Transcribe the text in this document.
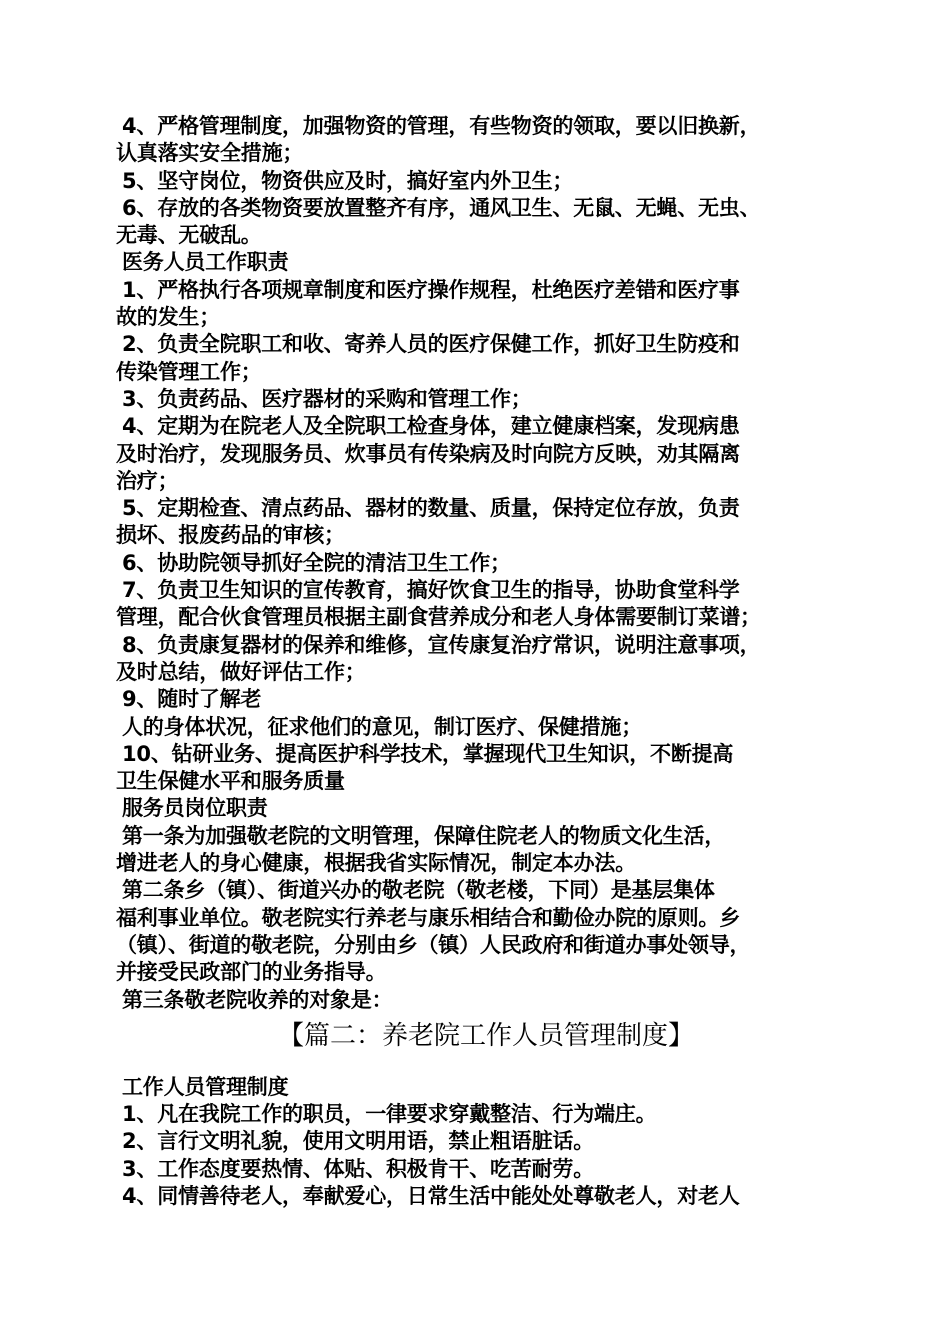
4、严格管理制度，加强物资的管理，有些物资的领取，要以旧换新，
认真落实安全措施；
5、坚守岗位，物资供应及时，搞好室内外卫生；
6、存放的各类物资要放置整齐有序，通风卫生、无鼠、无蝇、无虫、
无毒、无破乱。
医务人员工作职责
1、严格执行各项规章制度和医疗操作规程，杜绝医疗差错和医疗事
故的发生；
2、负责全院职工和收、寄养人员的医疗保健工作，抓好卫生防疫和
传染管理工作；
3、负责药品、医疗器材的采购和管理工作；
4、定期为在院老人及全院职工检查身体，建立健康档案，发现病患
及时治疗，发现服务员、炊事员有传染病及时向院方反映，劝其隔离
治疗；
5、定期检查、清点药品、器材的数量、质量，保持定位存放，负责
损坏、报废药品的审核；
6、协助院领导抓好全院的清洁卫生工作；
7、负责卫生知识的宣传教育，搞好饮食卫生的指导，协助食堂科学
管理，配合伙食管理员根据主副食营养成分和老人身体需要制订菜谱；
8、负责康复器材的保养和维修，宣传康复治疗常识，说明注意事项，
及时总结，做好评估工作；
9、随时了解老
人的身体状况，征求他们的意见，制订医疗、保健措施；
10、钻研业务、提高医护科学技术，掌握现代卫生知识，不断提高
卫生保健水平和服务质量
服务员岗位职责
第一条为加强敬老院的文明管理，保障住院老人的物质文化生活，
增进老人的身心健康，根据我省实际情况，制定本办法。
第二条乡（镇）、街道兴办的敬老院（敬老楼，下同）是基层集体
福利事业单位。敬老院实行养老与康乐相结合和勤俭办院的原则。乡
（镇）、街道的敬老院，分别由乡（镇）人民政府和街道办事处领导，
并接受民政部门的业务指导。
第三条敬老院收养的对象是：
【篇二：养老院工作人员管理制度】
工作人员管理制度
1、凡在我院工作的职员，一律要求穿戴整洁、行为端庄。
2、言行文明礼貌，使用文明用语，禁止粗语脏话。
3、工作态度要热情、体贴、积极肯干、吃苦耐劳。
4、同情善待老人，奉献爱心，日常生活中能处处尊敬老人，对老人
